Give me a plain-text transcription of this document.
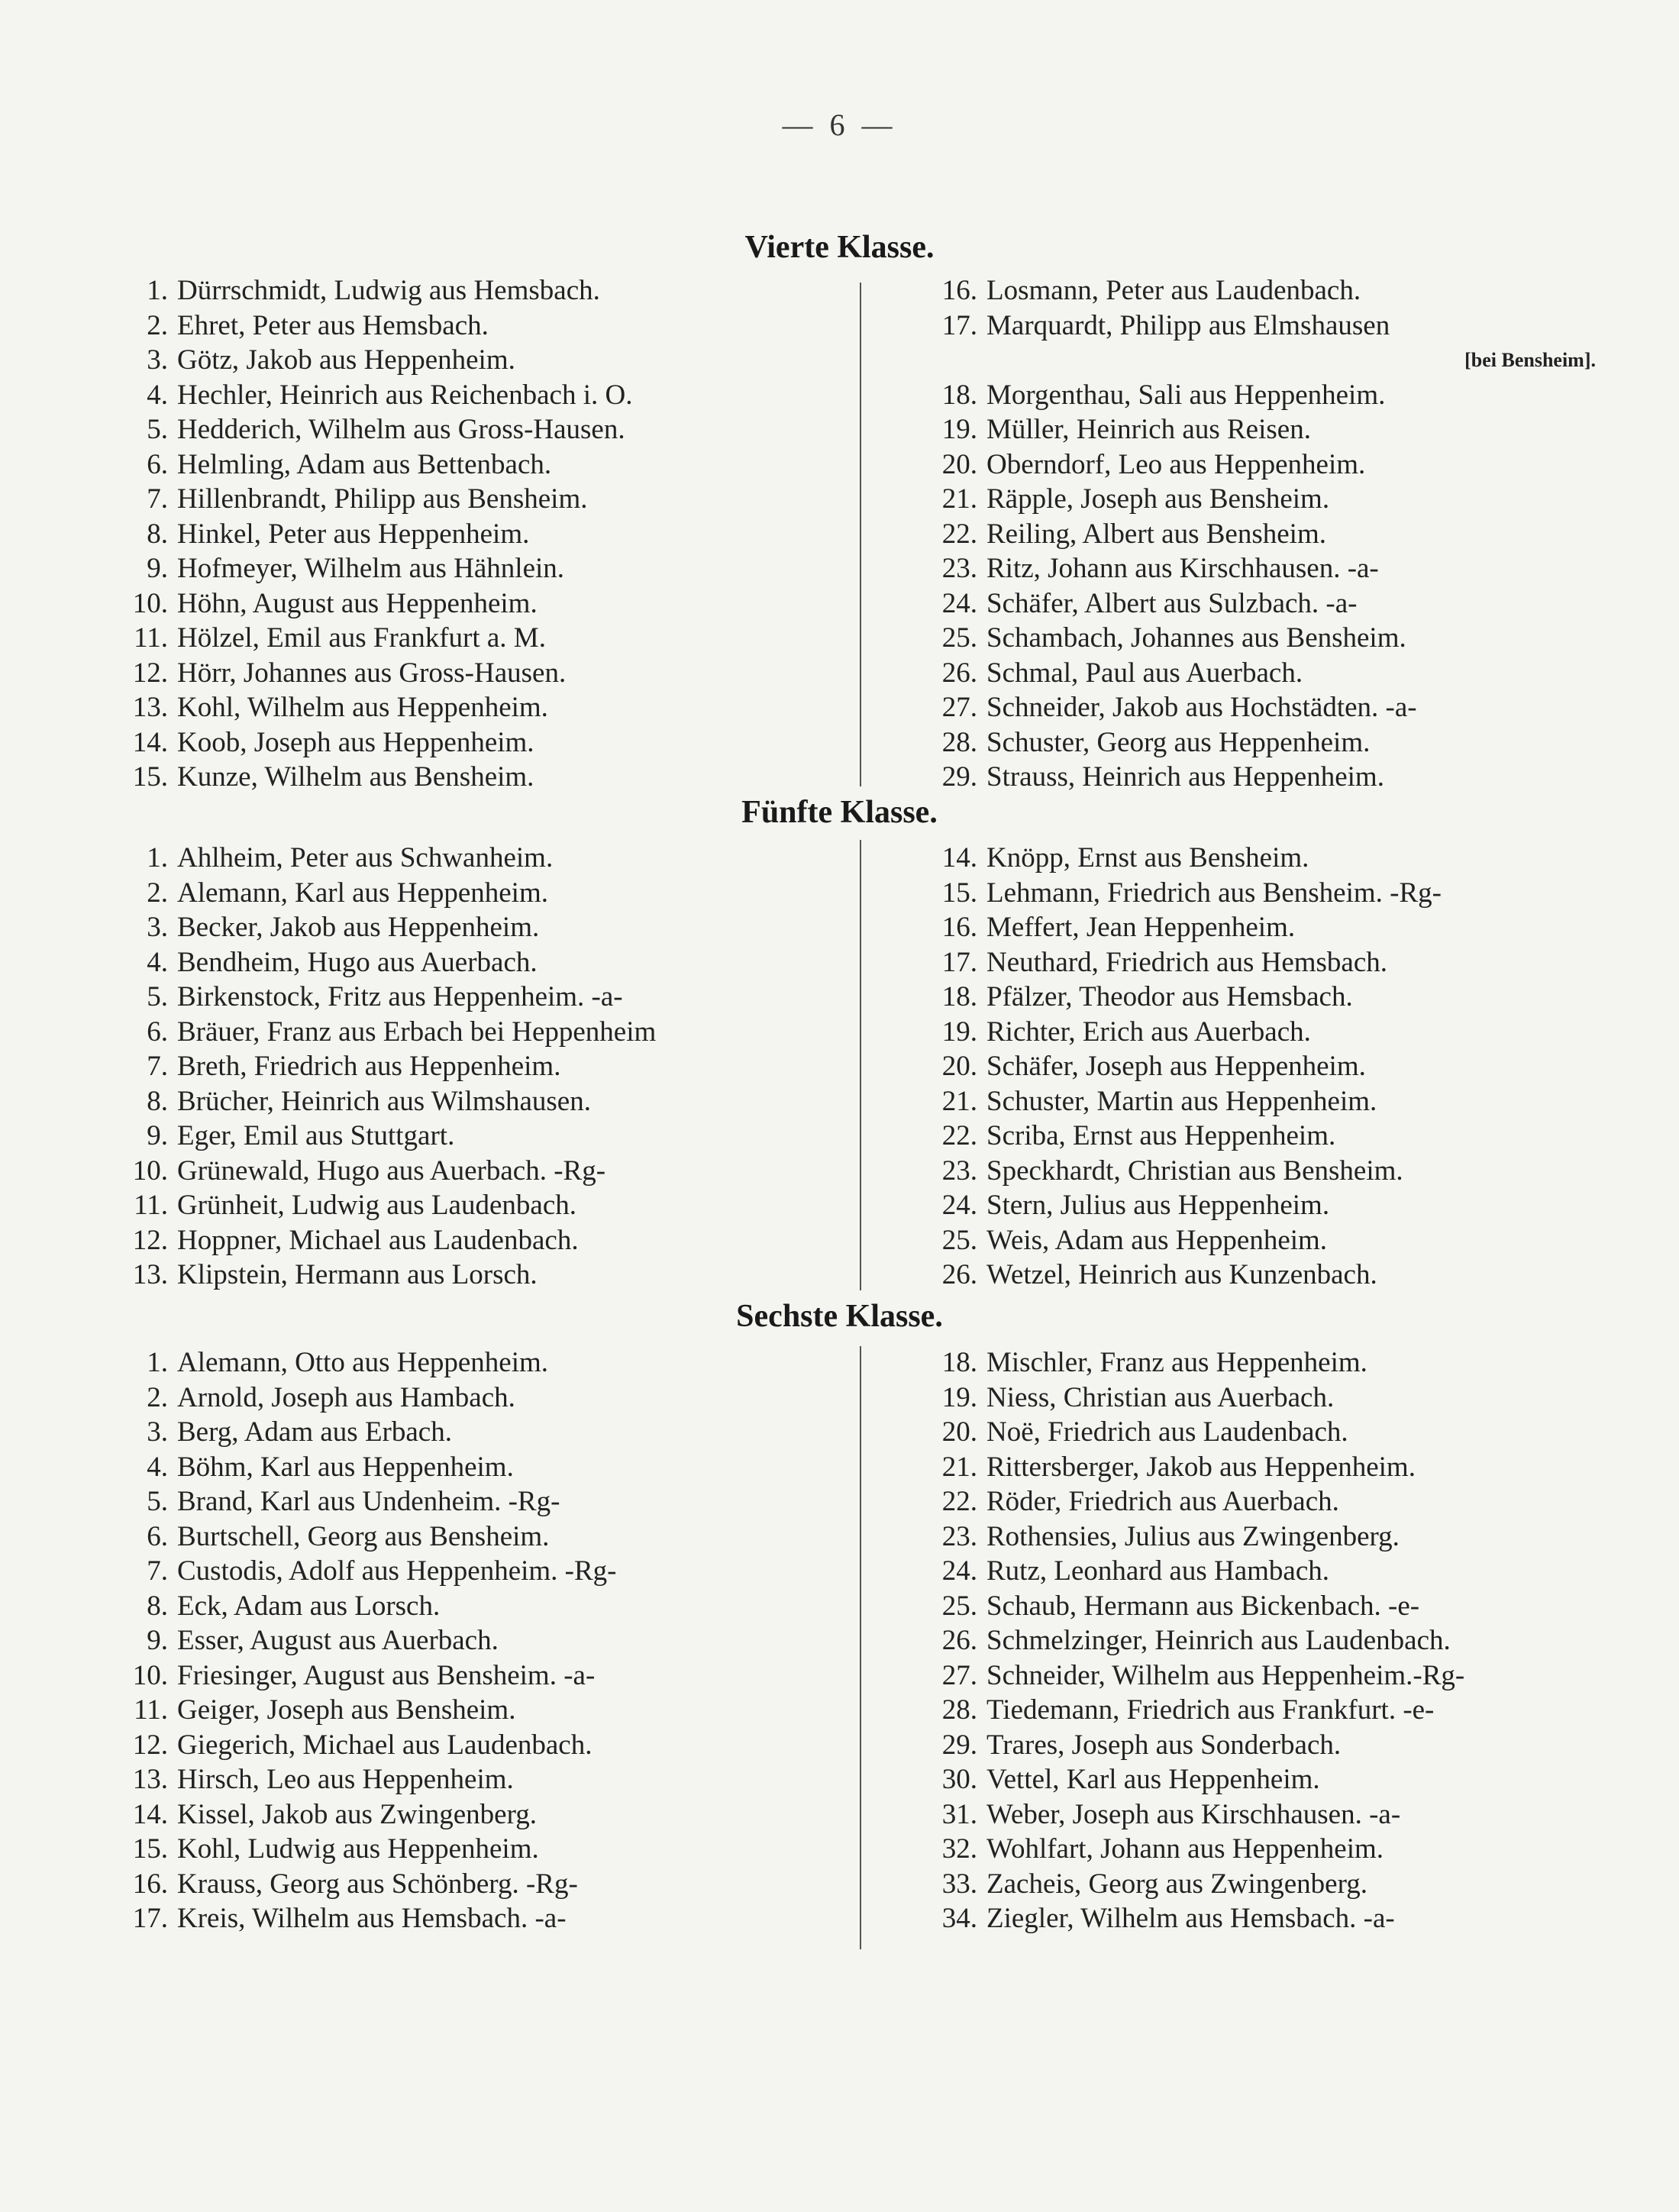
— 6 —
Vierte Klasse.
1. Dürrschmidt, Ludwig aus Hemsbach.
2. Ehret, Peter aus Hemsbach.
3. Götz, Jakob aus Heppenheim.
4. Hechler, Heinrich aus Reichenbach i. O.
5. Hedderich, Wilhelm aus Gross-Hausen.
6. Helmling, Adam aus Bettenbach.
7. Hillenbrandt, Philipp aus Bensheim.
8. Hinkel, Peter aus Heppenheim.
9. Hofmeyer, Wilhelm aus Hähnlein.
10. Höhn, August aus Heppenheim.
11. Hölzel, Emil aus Frankfurt a. M.
12. Hörr, Johannes aus Gross-Hausen.
13. Kohl, Wilhelm aus Heppenheim.
14. Koob, Joseph aus Heppenheim.
15. Kunze, Wilhelm aus Bensheim.
16. Losmann, Peter aus Laudenbach.
17. Marquardt, Philipp aus Elmshausen
[bei Bensheim].
18. Morgenthau, Sali aus Heppenheim.
19. Müller, Heinrich aus Reisen.
20. Oberndorf, Leo aus Heppenheim.
21. Räpple, Joseph aus Bensheim.
22. Reiling, Albert aus Bensheim.
23. Ritz, Johann aus Kirschhausen. -a-
24. Schäfer, Albert aus Sulzbach. -a-
25. Schambach, Johannes aus Bensheim.
26. Schmal, Paul aus Auerbach.
27. Schneider, Jakob aus Hochstädten. -a-
28. Schuster, Georg aus Heppenheim.
29. Strauss, Heinrich aus Heppenheim.
Fünfte Klasse.
1. Ahlheim, Peter aus Schwanheim.
2. Alemann, Karl aus Heppenheim.
3. Becker, Jakob aus Heppenheim.
4. Bendheim, Hugo aus Auerbach.
5. Birkenstock, Fritz aus Heppenheim. -a-
6. Bräuer, Franz aus Erbach bei Heppenheim
7. Breth, Friedrich aus Heppenheim.
8. Brücher, Heinrich aus Wilmshausen.
9. Eger, Emil aus Stuttgart.
10. Grünewald, Hugo aus Auerbach. -Rg-
11. Grünheit, Ludwig aus Laudenbach.
12. Hoppner, Michael aus Laudenbach.
13. Klipstein, Hermann aus Lorsch.
14. Knöpp, Ernst aus Bensheim.
15. Lehmann, Friedrich aus Bensheim. -Rg-
16. Meffert, Jean Heppenheim.
17. Neuthard, Friedrich aus Hemsbach.
18. Pfälzer, Theodor aus Hemsbach.
19. Richter, Erich aus Auerbach.
20. Schäfer, Joseph aus Heppenheim.
21. Schuster, Martin aus Heppenheim.
22. Scriba, Ernst aus Heppenheim.
23. Speckhardt, Christian aus Bensheim.
24. Stern, Julius aus Heppenheim.
25. Weis, Adam aus Heppenheim.
26. Wetzel, Heinrich aus Kunzenbach.
Sechste Klasse.
1. Alemann, Otto aus Heppenheim.
2. Arnold, Joseph aus Hambach.
3. Berg, Adam aus Erbach.
4. Böhm, Karl aus Heppenheim.
5. Brand, Karl aus Undenheim. -Rg-
6. Burtschell, Georg aus Bensheim.
7. Custodis, Adolf aus Heppenheim. -Rg-
8. Eck, Adam aus Lorsch.
9. Esser, August aus Auerbach.
10. Friesinger, August aus Bensheim. -a-
11. Geiger, Joseph aus Bensheim.
12. Giegerich, Michael aus Laudenbach.
13. Hirsch, Leo aus Heppenheim.
14. Kissel, Jakob aus Zwingenberg.
15. Kohl, Ludwig aus Heppenheim.
16. Krauss, Georg aus Schönberg. -Rg-
17. Kreis, Wilhelm aus Hemsbach. -a-
18. Mischler, Franz aus Heppenheim.
19. Niess, Christian aus Auerbach.
20. Noë, Friedrich aus Laudenbach.
21. Rittersberger, Jakob aus Heppenheim.
22. Röder, Friedrich aus Auerbach.
23. Rothensies, Julius aus Zwingenberg.
24. Rutz, Leonhard aus Hambach.
25. Schaub, Hermann aus Bickenbach. -e-
26. Schmelzinger, Heinrich aus Laudenbach.
27. Schneider, Wilhelm aus Heppenheim.-Rg-
28. Tiedemann, Friedrich aus Frankfurt. -e-
29. Trares, Joseph aus Sonderbach.
30. Vettel, Karl aus Heppenheim.
31. Weber, Joseph aus Kirschhausen. -a-
32. Wohlfart, Johann aus Heppenheim.
33. Zacheis, Georg aus Zwingenberg.
34. Ziegler, Wilhelm aus Hemsbach. -a-
